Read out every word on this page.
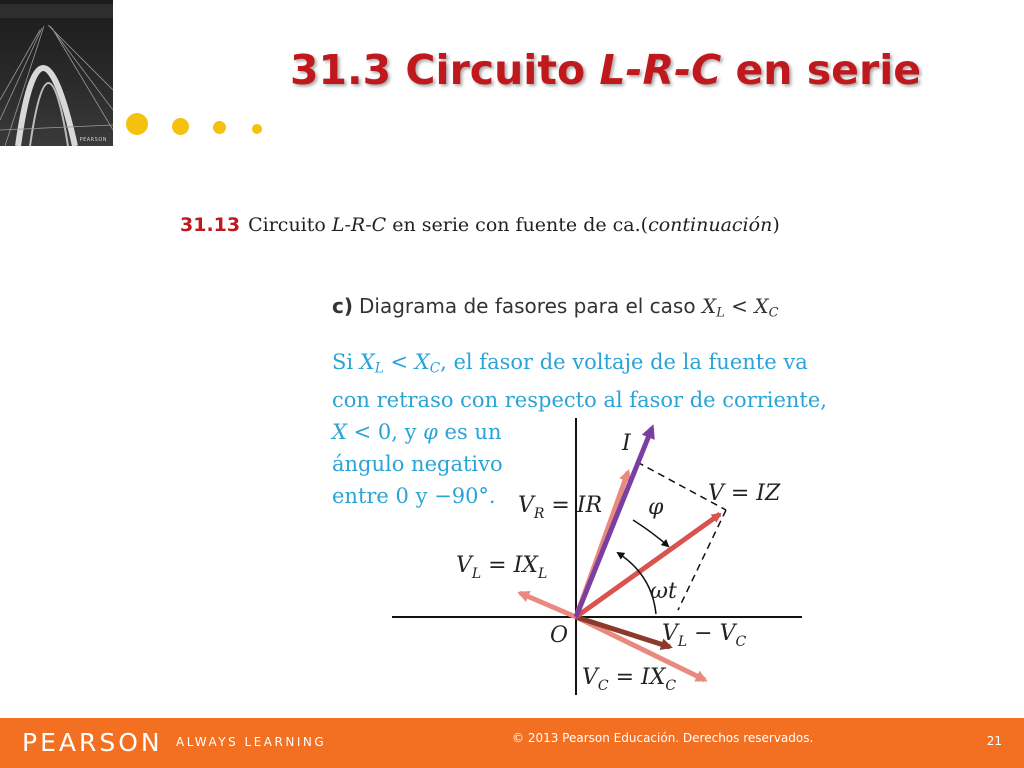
PEARSON
31.3 Circuito L-R-C en serie
31.13 Circuito L-R-C en serie con fuente de ca.(continuación)
c) Diagrama de fasores para el caso $X_L < X_C$
Si $X_L < X_C$, el fasor de voltaje de la fuente va
con retraso con respecto al fasor de corriente,
X < 0, y φ es un
ángulo negativo
entre 0 y −90°.
I
$V_R$ = IR φ
V = IZ
$V_L = IX_L$
ωt
O	$V_L - V_C$
$V_C = IX_C$
PEARSON ALWAYS LEARNING	© 2013 Pearson Educación. Derechos reservados.	21
